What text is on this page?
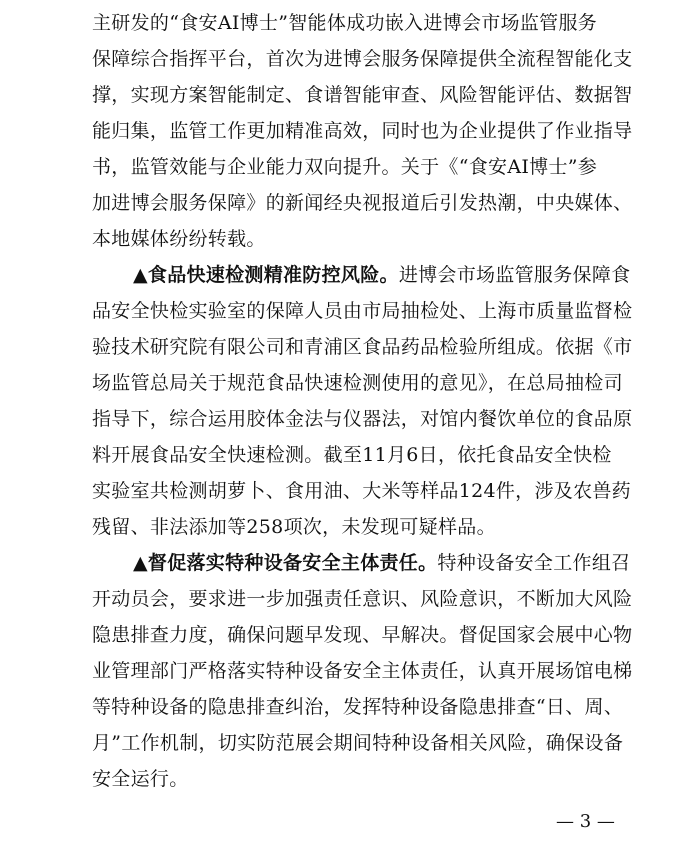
主研发的“食安AI博士”智能体成功嵌入进博会市场监管服务
保障综合指挥平台，首次为进博会服务保障提供全流程智能化支
撑，实现方案智能制定、食谱智能审查、风险智能评估、数据智
能归集，监管工作更加精准高效，同时也为企业提供了作业指导
书，监管效能与企业能力双向提升。关于《“食安AI博士”参
加进博会服务保障》的新闻经央视报道后引发热潮，中央媒体、
本地媒体纷纷转载。
▲食品快速检测精准防控风险。进博会市场监管服务保障食
品安全快检实验室的保障人员由市局抽检处、上海市质量监督检
验技术研究院有限公司和青浦区食品药品检验所组成。依据《市
场监管总局关于规范食品快速检测使用的意见》，在总局抽检司
指导下，综合运用胶体金法与仪器法，对馆内餐饮单位的食品原
料开展食品安全快速检测。截至11月6日，依托食品安全快检
实验室共检测胡萝卜、食用油、大米等样品124件，涉及农兽药
残留、非法添加等258项次，未发现可疑样品。
▲督促落实特种设备安全主体责任。特种设备安全工作组召
开动员会，要求进一步加强责任意识、风险意识，不断加大风险
隐患排查力度，确保问题早发现、早解决。督促国家会展中心物
业管理部门严格落实特种设备安全主体责任，认真开展场馆电梯
等特种设备的隐患排查纠治，发挥特种设备隐患排查“日、周、
月”工作机制，切实防范展会期间特种设备相关风险，确保设备
安全运行。
— 3 —
